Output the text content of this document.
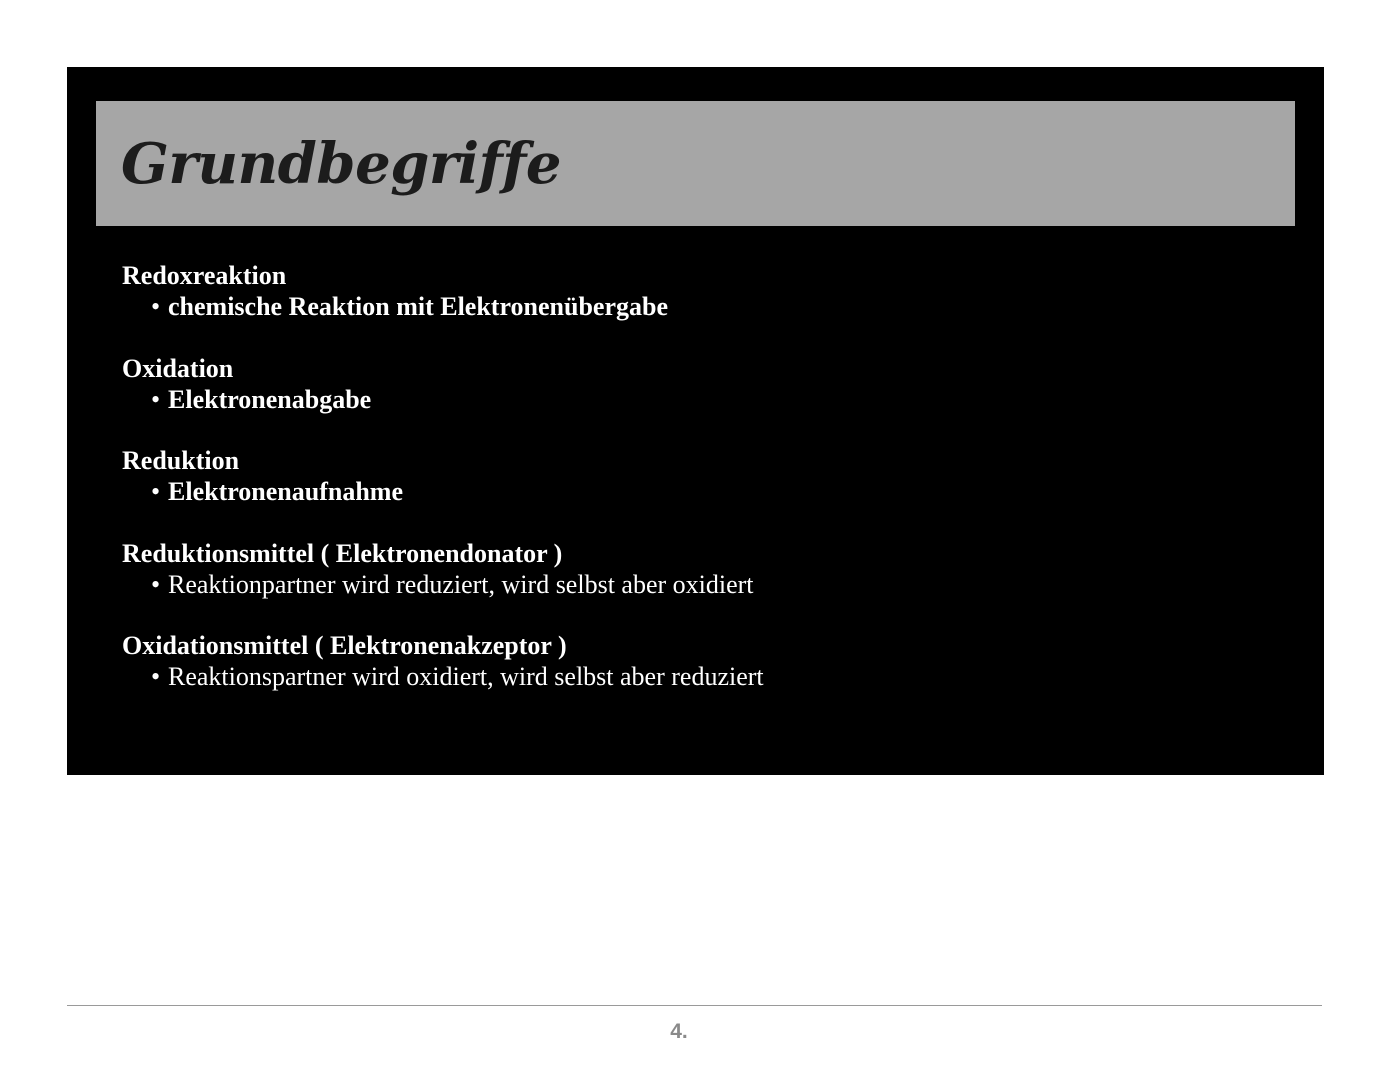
Grundbegriffe
Redoxreaktion
• chemische Reaktion mit Elektronenübergabe
Oxidation
• Elektronenabgabe
Reduktion
• Elektronenaufnahme
Reduktionsmittel ( Elektronendonator )
• Reaktionpartner wird reduziert, wird selbst aber oxidiert
Oxidationsmittel ( Elektronenakzeptor )
• Reaktionspartner wird oxidiert, wird selbst aber reduziert
4.
